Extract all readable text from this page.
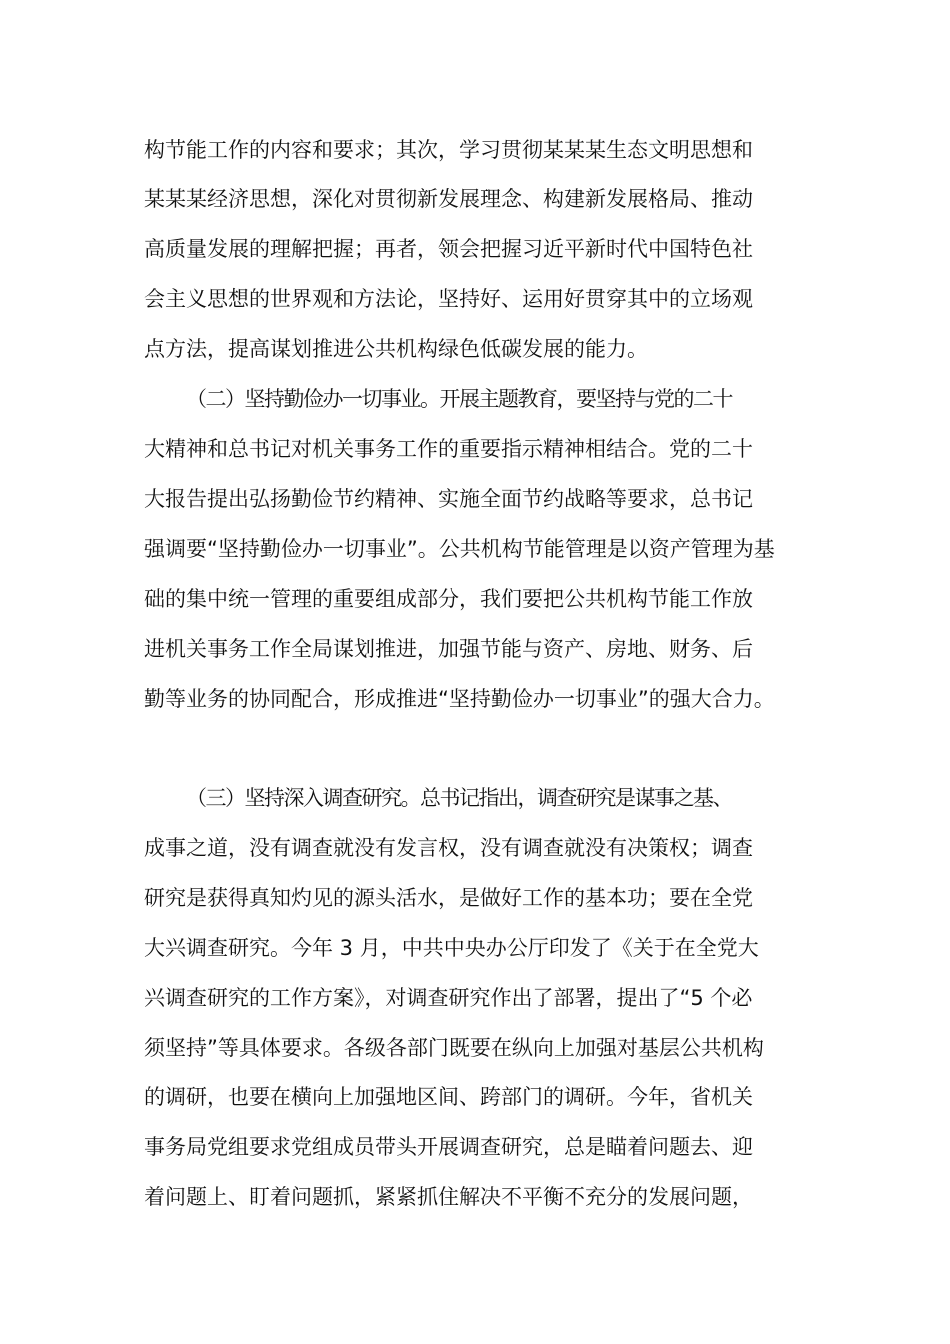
构节能工作的内容和要求；其次，学习贯彻某某某生态文明思想和
某某某经济思想，深化对贯彻新发展理念、构建新发展格局、推动
高质量发展的理解把握；再者，领会把握习近平新时代中国特色社
会主义思想的世界观和方法论，坚持好、运用好贯穿其中的立场观
点方法，提高谋划推进公共机构绿色低碳发展的能力。
（二）坚持勤俭办一切事业。开展主题教育，要坚持与党的二十
大精神和总书记对机关事务工作的重要指示精神相结合。党的二十
大报告提出弘扬勤俭节约精神、实施全面节约战略等要求，总书记
强调要“坚持勤俭办一切事业”。公共机构节能管理是以资产管理为基
础的集中统一管理的重要组成部分，我们要把公共机构节能工作放
进机关事务工作全局谋划推进，加强节能与资产、房地、财务、后
勤等业务的协同配合，形成推进“坚持勤俭办一切事业”的强大合力。
（三）坚持深入调查研究。总书记指出，调查研究是谋事之基、
成事之道，没有调查就没有发言权，没有调查就没有决策权；调查
研究是获得真知灼见的源头活水，是做好工作的基本功；要在全党
大兴调查研究。今年 3 月，中共中央办公厅印发了《关于在全党大
兴调查研究的工作方案》，对调查研究作出了部署，提出了“5 个必
须坚持”等具体要求。各级各部门既要在纵向上加强对基层公共机构
的调研，也要在横向上加强地区间、跨部门的调研。今年，省机关
事务局党组要求党组成员带头开展调查研究，总是瞄着问题去、迎
着问题上、盯着问题抓，紧紧抓住解决不平衡不充分的发展问题，
